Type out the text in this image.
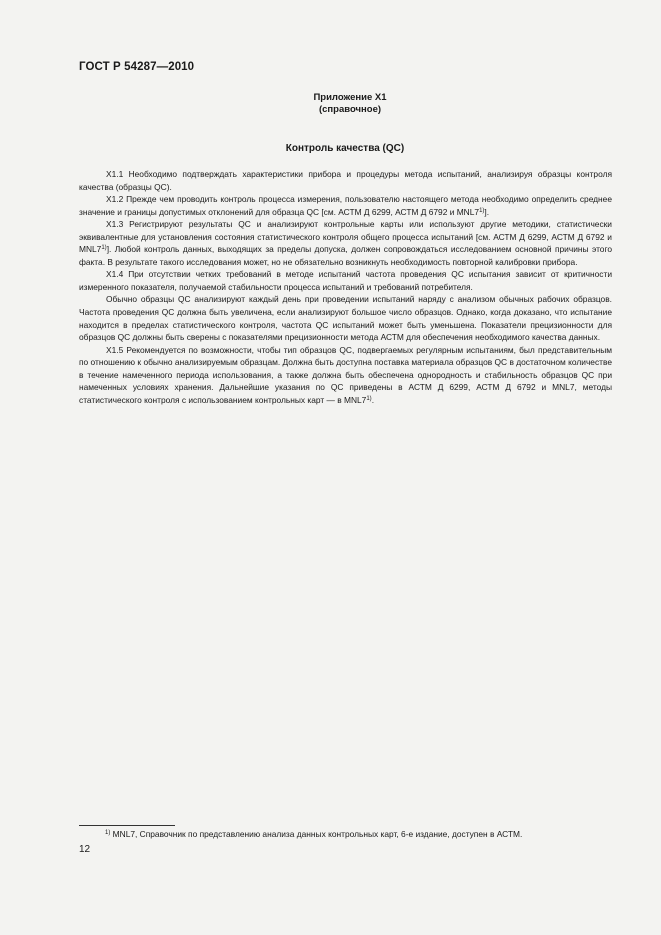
ГОСТ Р 54287—2010
Приложение X1
(справочное)
Контроль качества (QC)

X1.1 Необходимо подтверждать характеристики прибора и процедуры метода испытаний, анализируя образцы контроля качества (образцы QC).

X1.2 Прежде чем проводить контроль процесса измерения, пользователю настоящего метода необходимо определить среднее значение и границы допустимых отклонений для образца QC [см. АСТМ Д 6299, АСТМ Д 6792 и MNL7$^{1)}$].

X1.3 Регистрируют результаты QC и анализируют контрольные карты или используют другие методики, статистически эквивалентные для установления состояния статистического контроля общего процесса испытаний [см. АСТМ Д 6299, АСТМ Д 6792 и MNL7$^{1)}$]. Любой контроль данных, выходящих за пределы допуска, должен сопровождаться исследованием основной причины этого факта. В результате такого исследования может, но не обязательно возникнуть необходимость повторной калибровки прибора.

X1.4 При отсутствии четких требований в методе испытаний частота проведения QC испытания зависит от критичности измеренного показателя, получаемой стабильности процесса испытаний и требований потребителя.

Обычно образцы QC анализируют каждый день при проведении испытаний наряду с анализом обычных рабочих образцов. Частота проведения QC должна быть увеличена, если анализируют большое число образцов. Однако, когда доказано, что испытание находится в пределах статистического контроля, частота QC испытаний может быть уменьшена. Показатели прецизионности для образцов QC должны быть сверены с показателями прецизионности метода АСТМ для обеспечения необходимого качества данных.

X1.5 Рекомендуется по возможности, чтобы тип образцов QC, подвергаемых регулярным испытаниям, был представительным по отношению к обычно анализируемым образцам. Должна быть доступна поставка материала образцов QC в достаточном количестве в течение намеченного периода использования, а также должна быть обеспечена однородность и стабильность образцов QC при намеченных условиях хранения. Дальнейшие указания по QC приведены в АСТМ Д 6299, АСТМ Д 6792 и MNL7, методы статистического контроля с использованием контрольных карт — в MNL7$^{1)}$.

$^{1)}$ MNL7, Справочник по представлению анализа данных контрольных карт, 6-е издание, доступен в АСТМ.
12
